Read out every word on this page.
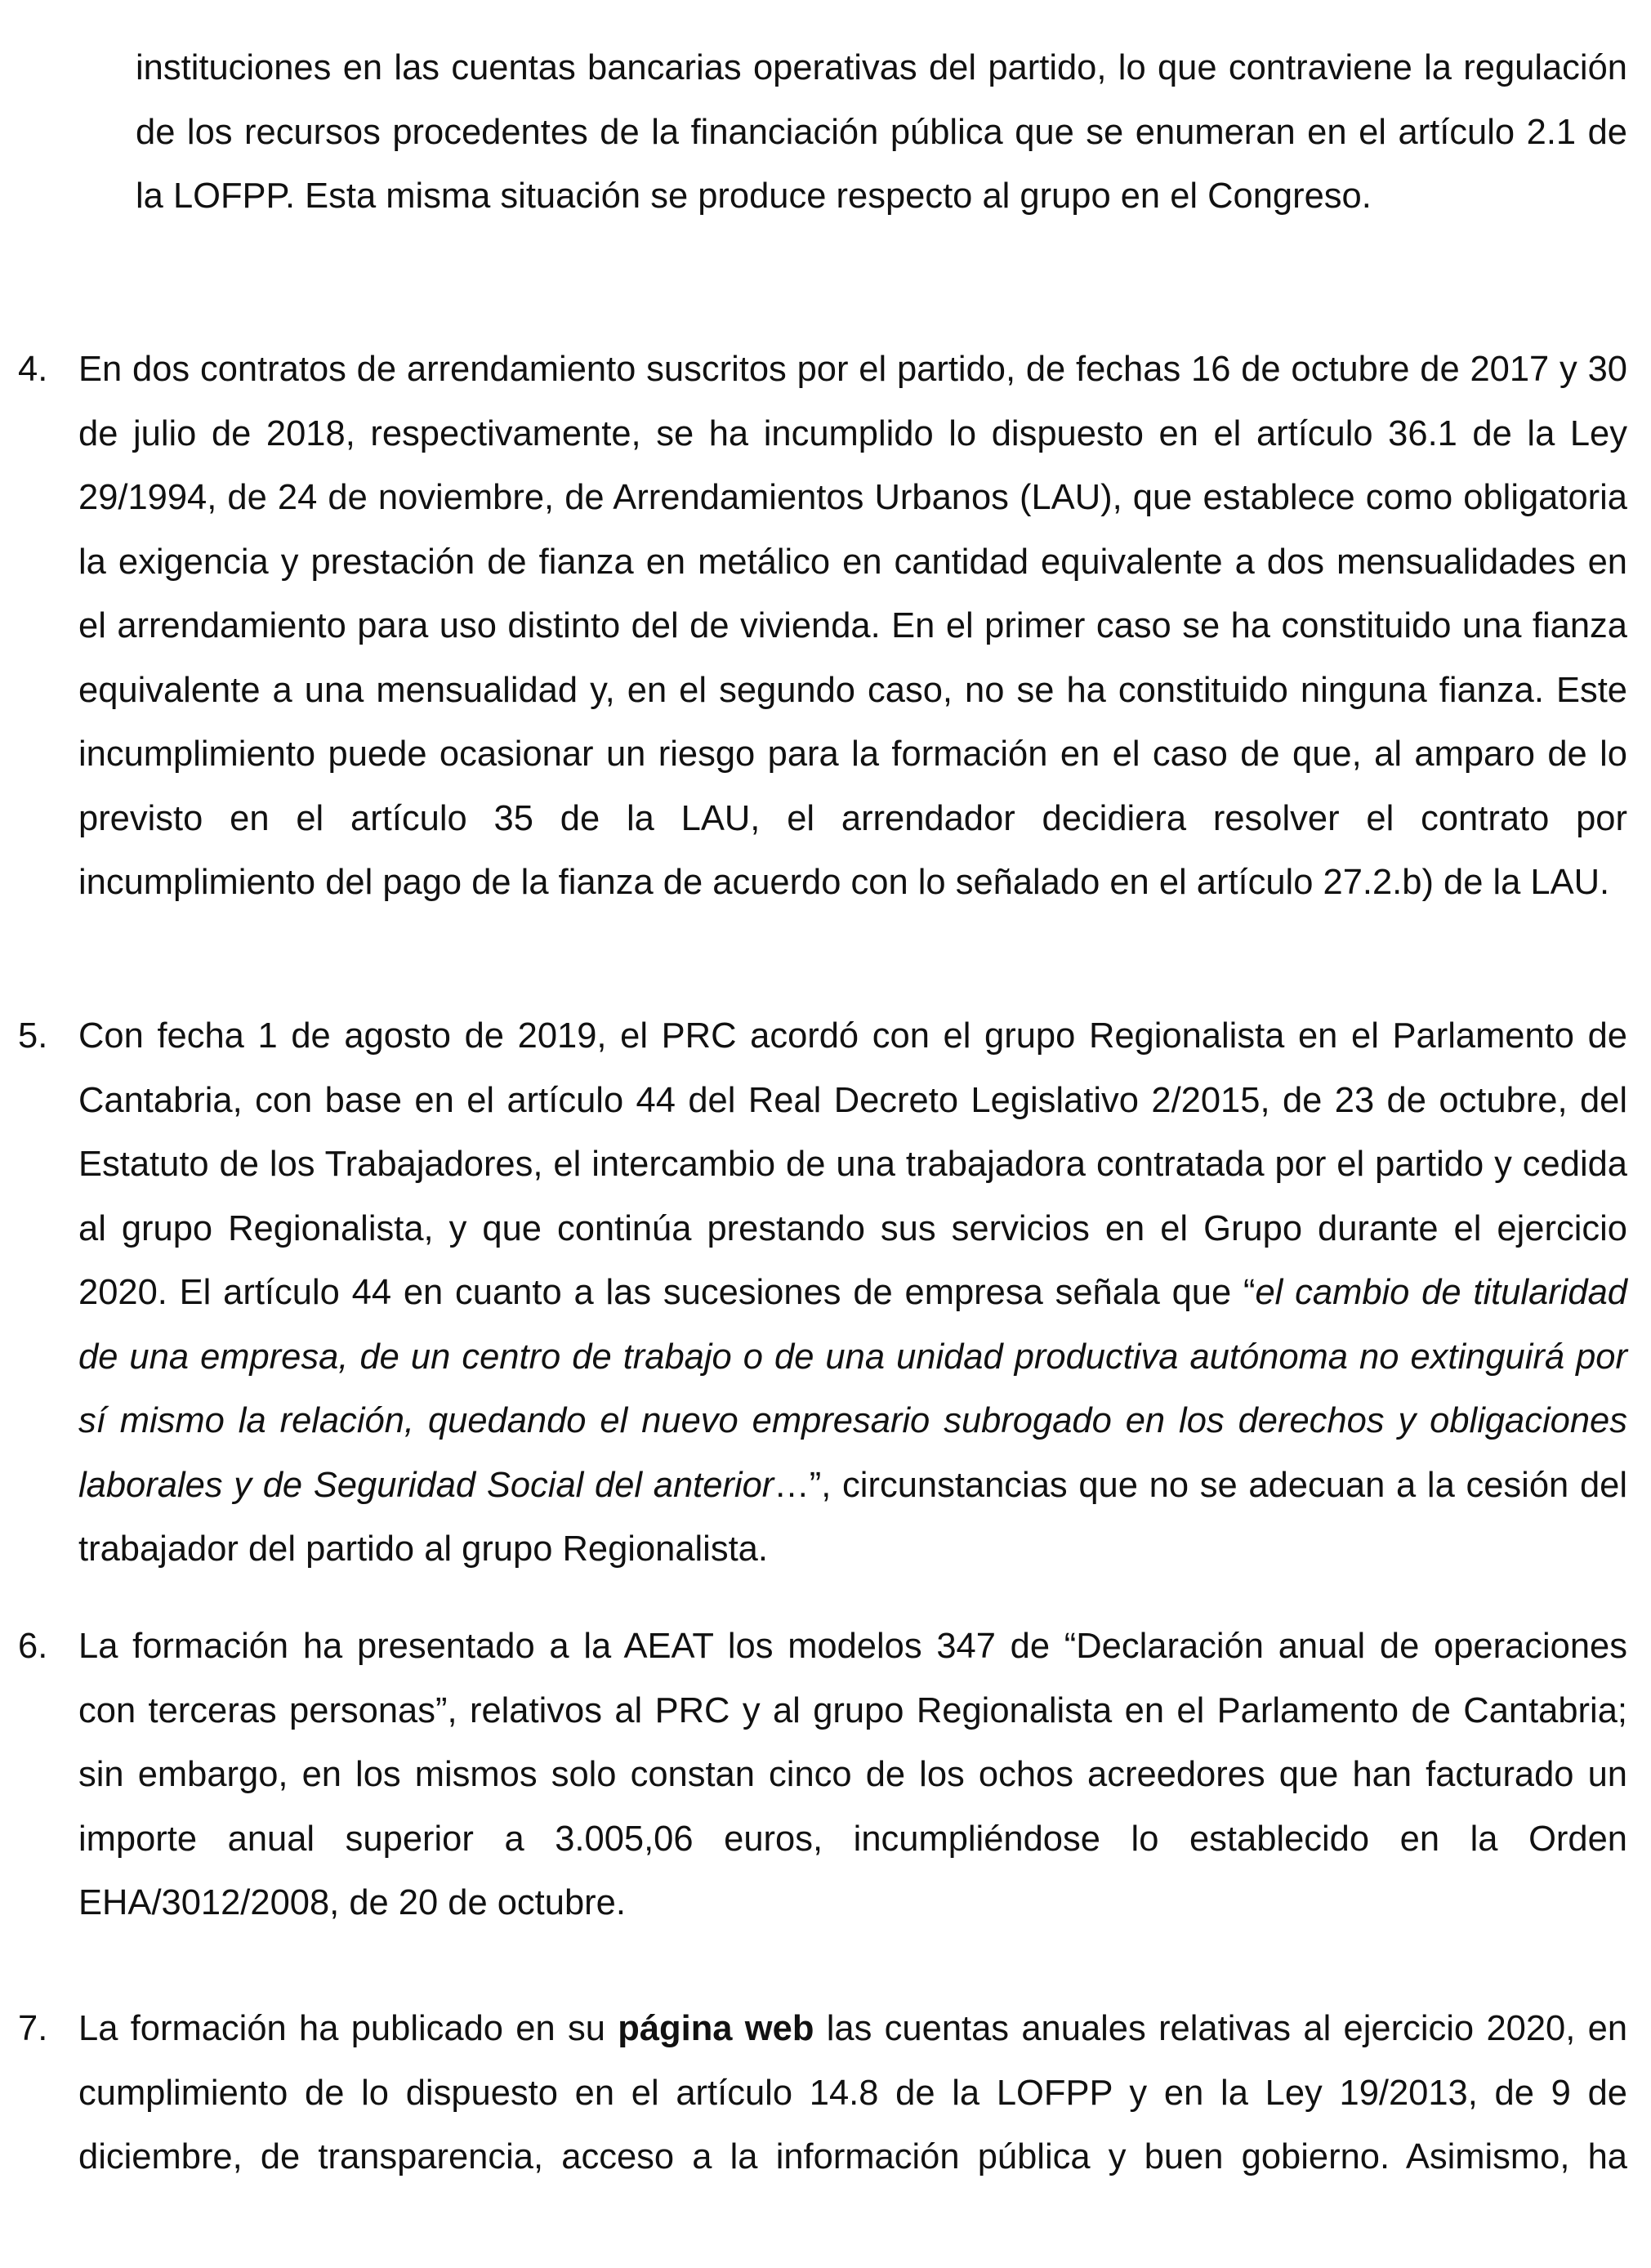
instituciones en las cuentas bancarias operativas del partido, lo que contraviene la regulación de los recursos procedentes de la financiación pública que se enumeran en el artículo 2.1 de la LOFPP. Esta misma situación se produce respecto al grupo en el Congreso.

4. En dos contratos de arrendamiento suscritos por el partido, de fechas 16 de octubre de 2017 y 30 de julio de 2018, respectivamente, se ha incumplido lo dispuesto en el artículo 36.1 de la Ley 29/1994, de 24 de noviembre, de Arrendamientos Urbanos (LAU), que establece como obligatoria la exigencia y prestación de fianza en metálico en cantidad equivalente a dos mensualidades en el arrendamiento para uso distinto del de vivienda. En el primer caso se ha constituido una fianza equivalente a una mensualidad y, en el segundo caso, no se ha constituido ninguna fianza. Este incumplimiento puede ocasionar un riesgo para la formación en el caso de que, al amparo de lo previsto en el artículo 35 de la LAU, el arrendador decidiera resolver el contrato por incumplimiento del pago de la fianza de acuerdo con lo señalado en el artículo 27.2.b) de la LAU.

5. Con fecha 1 de agosto de 2019, el PRC acordó con el grupo Regionalista en el Parlamento de Cantabria, con base en el artículo 44 del Real Decreto Legislativo 2/2015, de 23 de octubre, del Estatuto de los Trabajadores, el intercambio de una trabajadora contratada por el partido y cedida al grupo Regionalista, y que continúa prestando sus servicios en el Grupo durante el ejercicio 2020. El artículo 44 en cuanto a las sucesiones de empresa señala que “el cambio de titularidad de una empresa, de un centro de trabajo o de una unidad productiva autónoma no extinguirá por sí mismo la relación, quedando el nuevo empresario subrogado en los derechos y obligaciones laborales y de Seguridad Social del anterior…”, circunstancias que no se adecuan a la cesión del trabajador del partido al grupo Regionalista.

6. La formación ha presentado a la AEAT los modelos 347 de “Declaración anual de operaciones con terceras personas”, relativos al PRC y al grupo Regionalista en el Parlamento de Cantabria; sin embargo, en los mismos solo constan cinco de los ochos acreedores que han facturado un importe anual superior a 3.005,06 euros, incumpliéndose lo establecido en la Orden EHA/3012/2008, de 20 de octubre.

7. La formación ha publicado en su página web las cuentas anuales relativas al ejercicio 2020, en cumplimiento de lo dispuesto en el artículo 14.8 de la LOFPP y en la Ley 19/2013, de 9 de diciembre, de transparencia, acceso a la información pública y buen gobierno. Asimismo, ha
